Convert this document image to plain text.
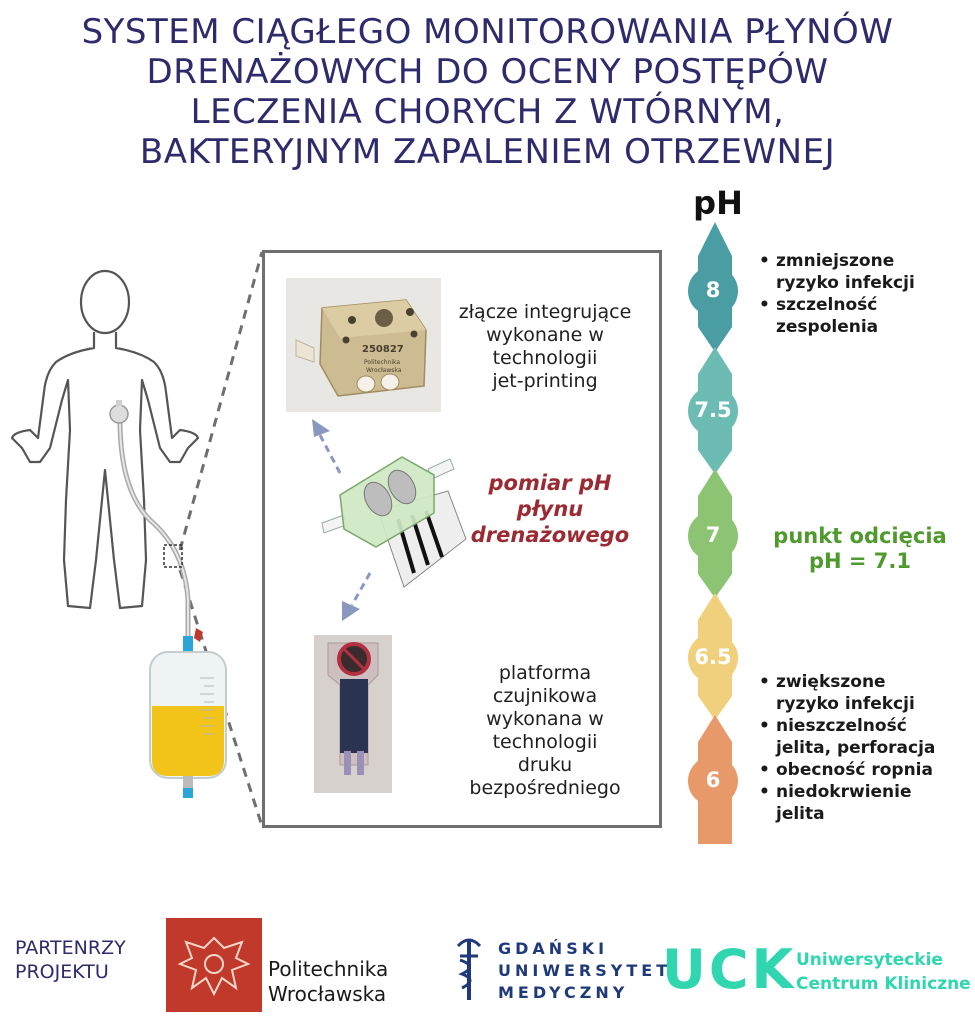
SYSTEM CIĄGŁEGO MONITOROWANIA PŁYNÓW
DRENAŻOWYCH DO OCENY POSTĘPÓW
LECZENIA CHORYCH Z WTÓRNYM,
BAKTERYJNYM ZAPALENIEM OTRZEWNEJ
250827
Politechnika
Wrocławska
złącze integrujące
wykonane w
technologii
jet-printing
pomiar pH
płynu
drenażowego
platforma
czujnikowa
wykonana w
technologii
druku
bezpośredniego
pH
8
7.5
7
6.5
6
• zmniejszone
ryzyko infekcji
• szczelność
zespolenia
punkt odcięcia
pH = 7.1
• zwiększone
ryzyko infekcji
• nieszczelność
jelita, perforacja
• obecność ropnia
• niedokrwienie
jelita
PARTENRZY
PROJEKTU	Politechnika
Wrocławska
GDAŃSKI
UNIWERSYTET
MEDYCZNY UCK Uniwersyteckie
Centrum Kliniczne
